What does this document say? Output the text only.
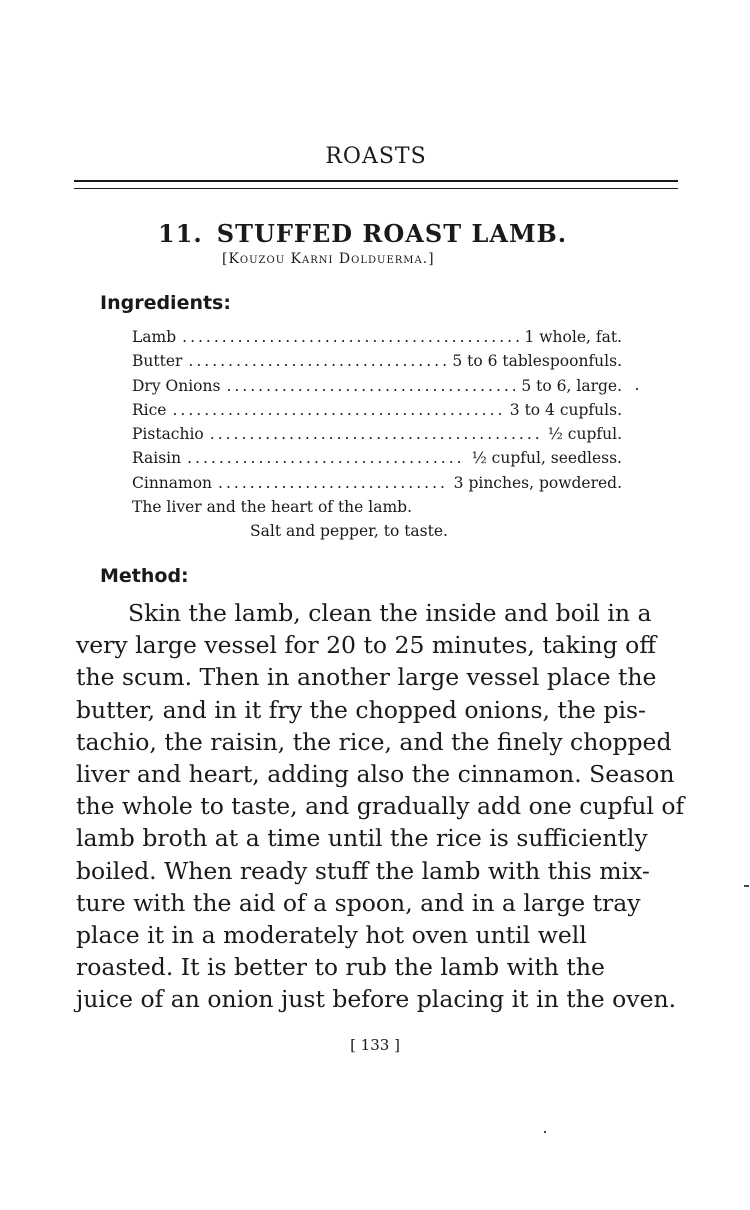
ROASTS
11. STUFFED ROAST LAMB.
[Kouzou Karni Dolduerma.]
Ingredients:
Lamb .....	1 whole, fat.
Butter .....	5 to 6 tablespoonfuls.
Dry Onions .....	5 to 6, large.
Rice .....	3 to 4 cupfuls.
Pistachio .....	½ cupful.
Raisin .....	½ cupful, seedless.
Cinnamon .....	3 pinches, powdered.
The liver and the heart of the lamb.
Salt and pepper, to taste.
Method:
Skin the lamb, clean the inside and boil in a
very large vessel for 20 to 25 minutes, taking off
the scum. Then in another large vessel place the
butter, and in it fry the chopped onions, the pis-
tachio, the raisin, the rice, and the finely chopped
liver and heart, adding also the cinnamon. Season
the whole to taste, and gradually add one cupful of
lamb broth at a time until the rice is sufficiently
boiled. When ready stuff the lamb with this mix-
ture with the aid of a spoon, and in a large tray
place it in a moderately hot oven until well
roasted. It is better to rub the lamb with the
juice of an onion just before placing it in the oven.
[ 133 ]
